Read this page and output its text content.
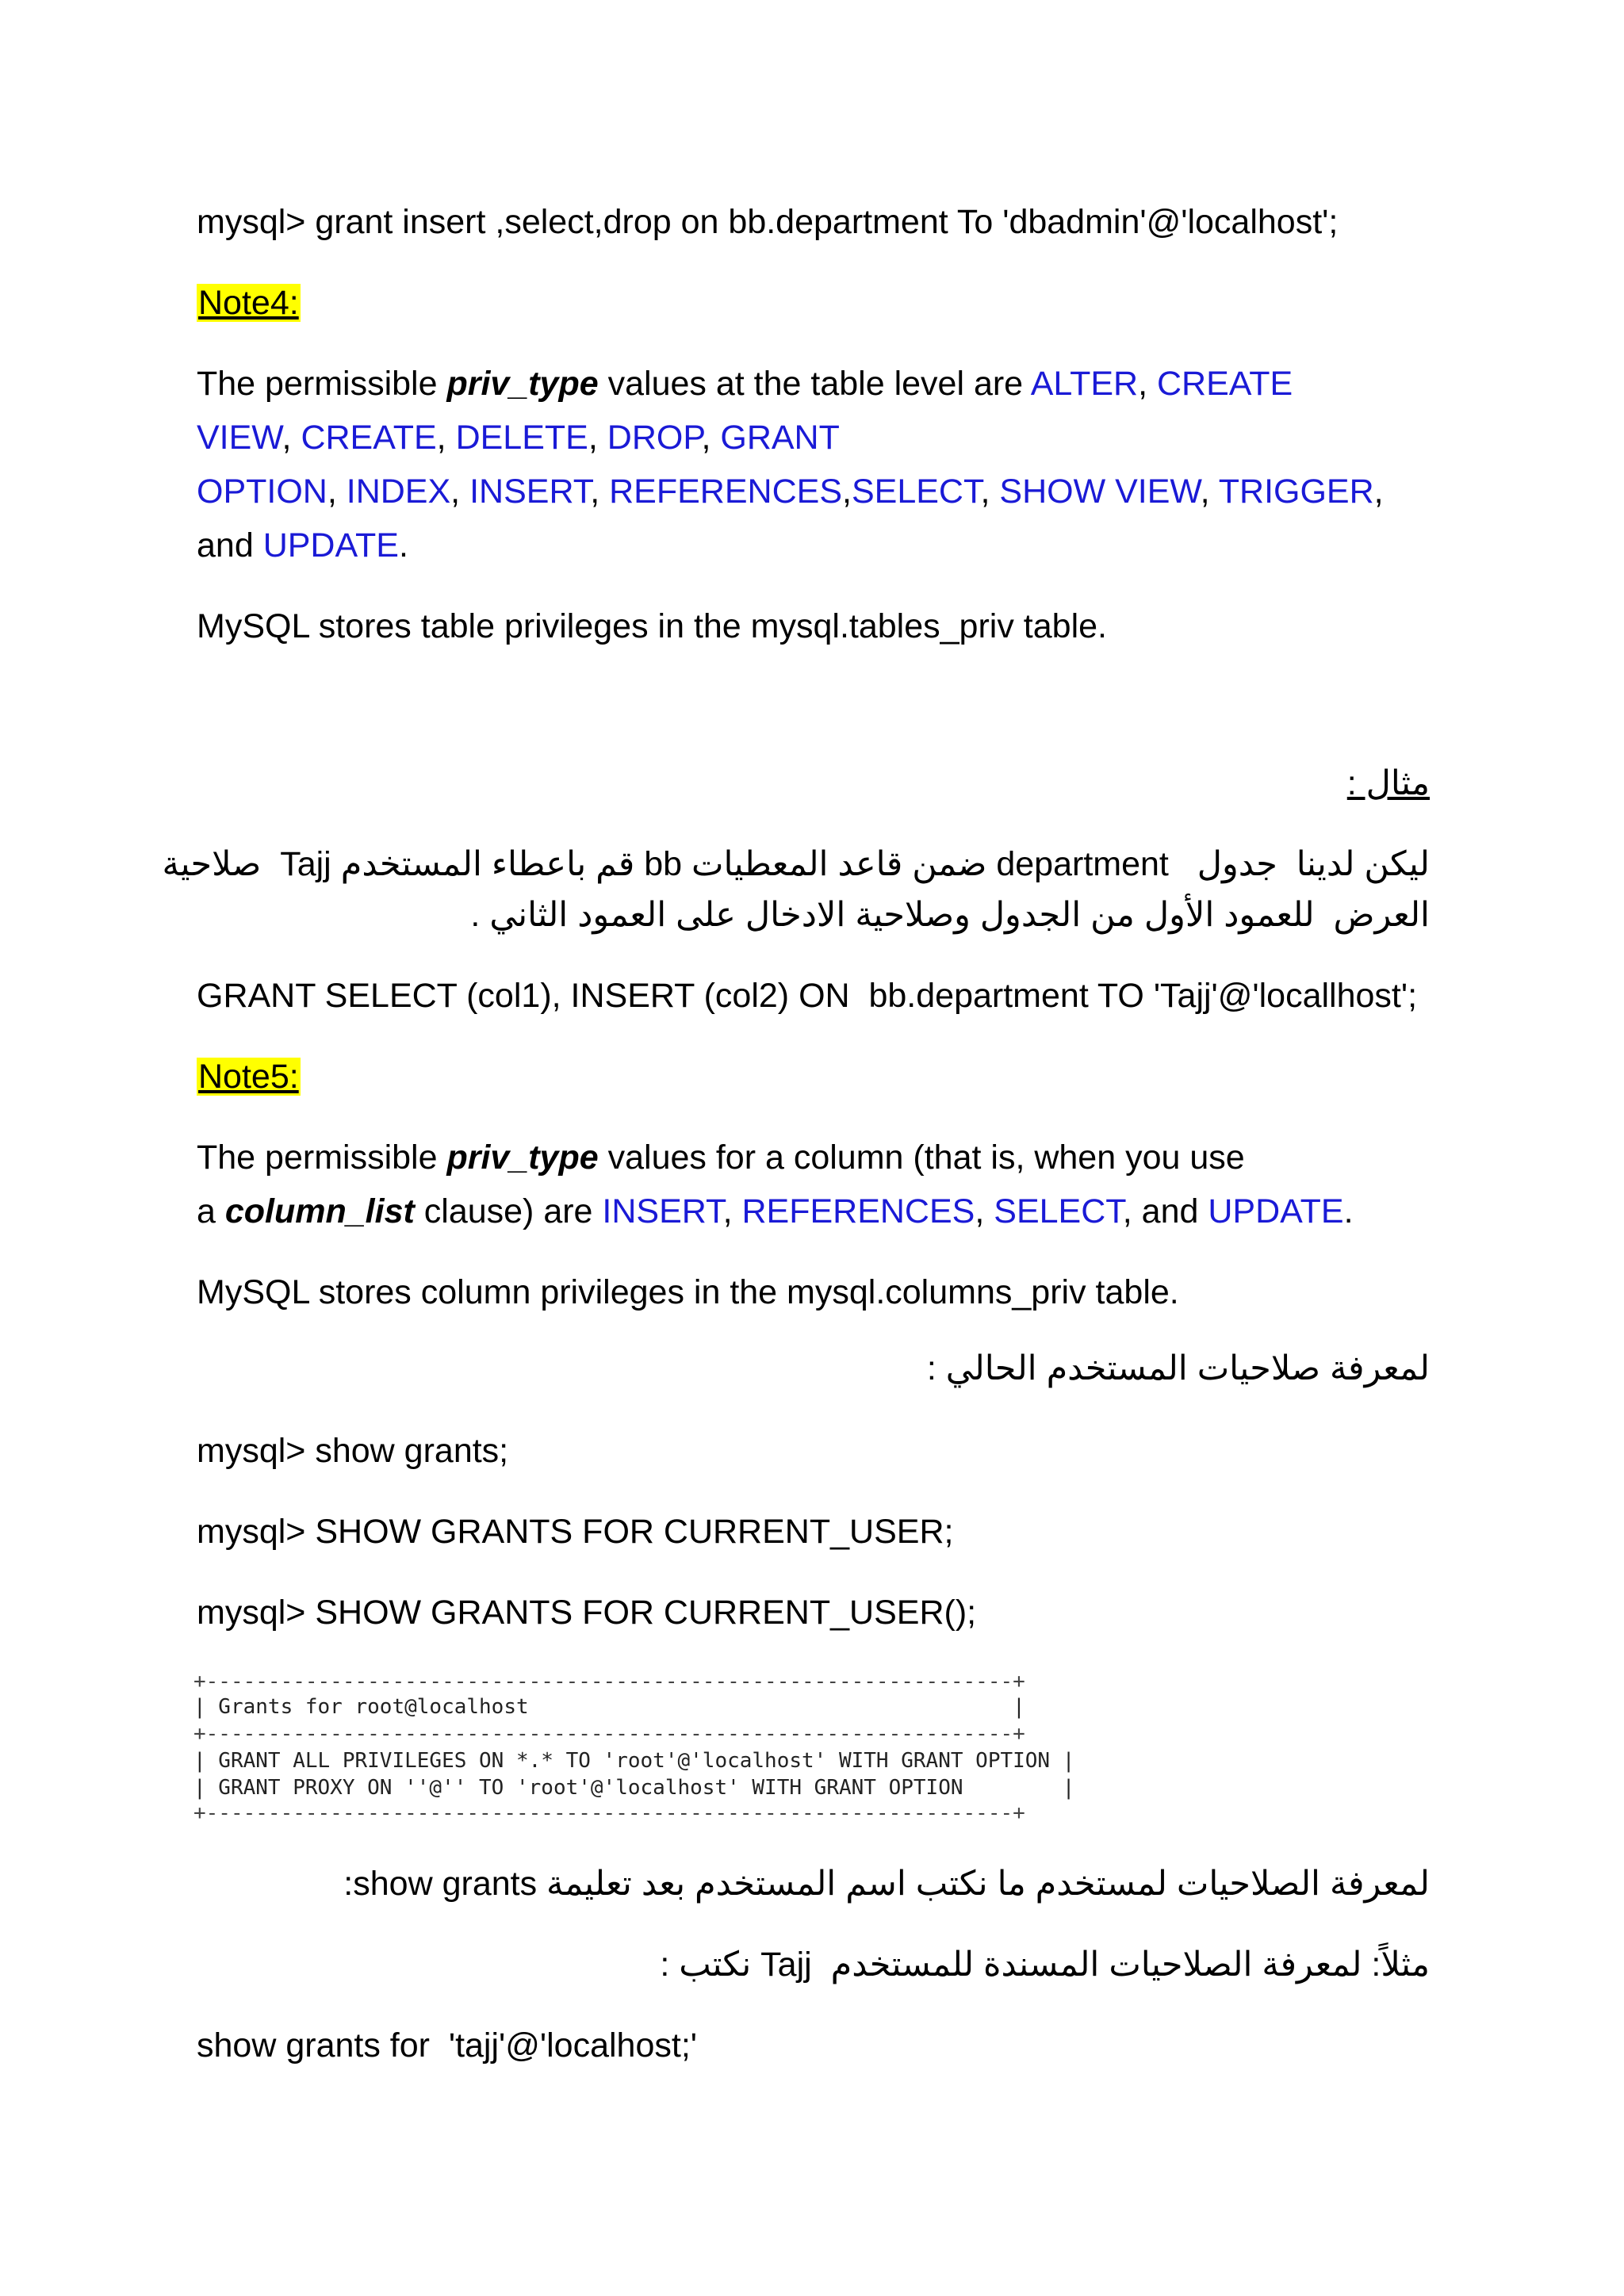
mysql> grant insert ,select,drop on bb.department To 'dbadmin'@'localhost';
Note4:
The permissible priv_type values at the table level are ALTER, CREATE
VIEW, CREATE, DELETE, DROP, GRANT
OPTION, INDEX, INSERT, REFERENCES,SELECT, SHOW VIEW, TRIGGER,
and UPDATE.
MySQL stores table privileges in the mysql.tables_priv table.
مثال :
ليكن لدينا  جدول   department ضمن قاعد المعطيات bb قم باعطاء المستخدم Tajj  صلاحية
العرض  للعمود الأول من الجدول وصلاحية الادخال على العمود الثاني .
GRANT SELECT (col1), INSERT (col2) ON  bb.department TO 'Tajj'@'locallhost';
Note5:
The permissible priv_type values for a column (that is, when you use
a column_list clause) are INSERT, REFERENCES, SELECT, and UPDATE.
MySQL stores column privileges in the mysql.columns_priv table.
لمعرفة صلاحيات المستخدم الحالي :
mysql> show grants;
mysql> SHOW GRANTS FOR CURRENT_USER;
mysql> SHOW GRANTS FOR CURRENT_USER();

+-----------------------------------------------------------------+

| Grants for root@localhost                                       |

+-----------------------------------------------------------------+

| GRANT ALL PRIVILEGES ON *.* TO 'root'@'localhost' WITH GRANT OPTION |

| GRANT PROXY ON ''@'' TO 'root'@'localhost' WITH GRANT OPTION        |

+-----------------------------------------------------------------+

لمعرفة الصلاحيات لمستخدم ما نكتب اسم المستخدم بعد تعليمة show grants:
مثلاً: لمعرفة الصلاحيات المسندة للمستخدم  Tajj نكتب :
show grants for  'tajj'@'localhost;'
